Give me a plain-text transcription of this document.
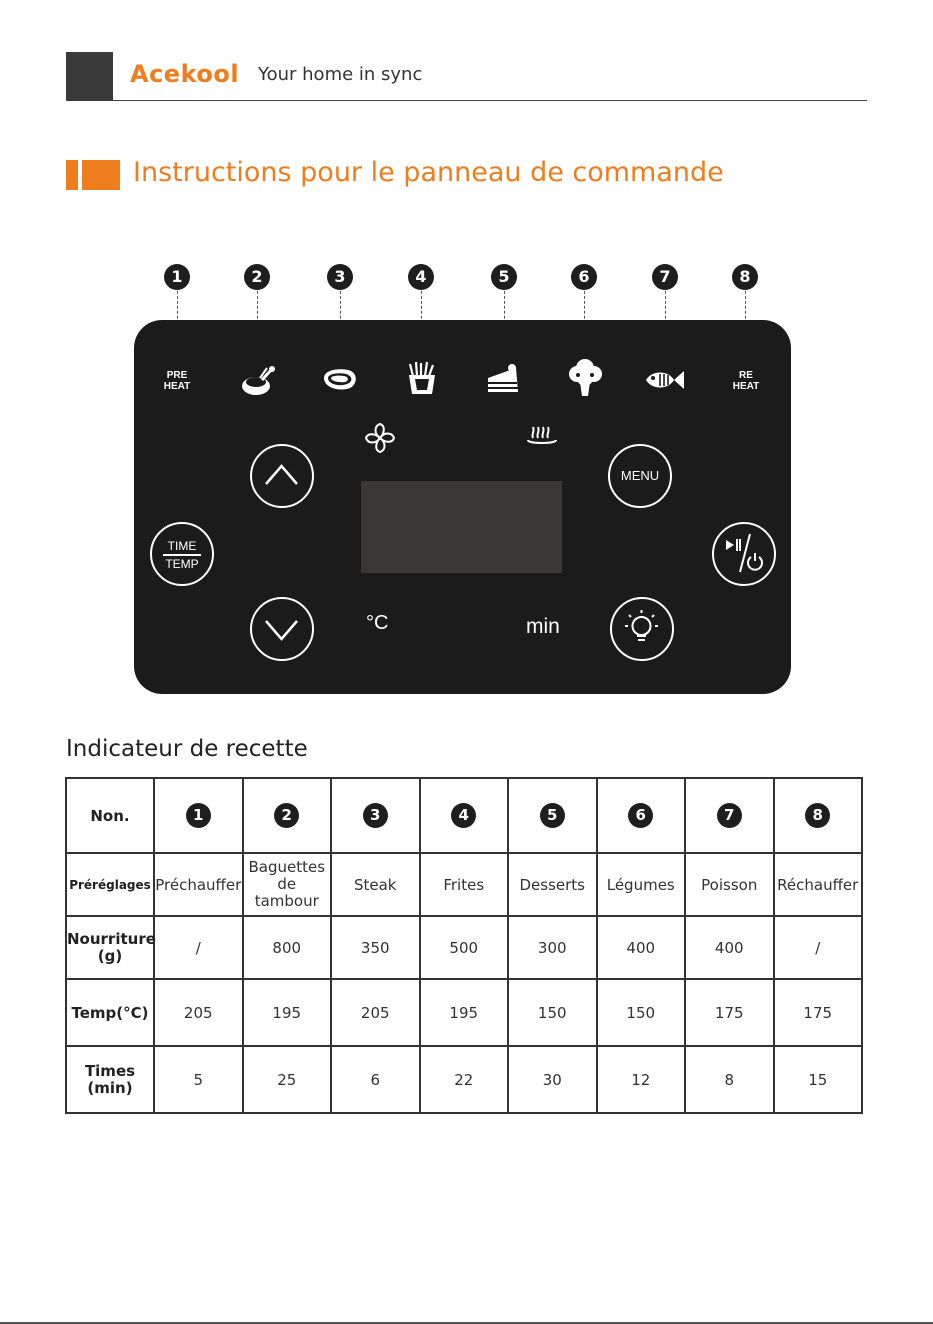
Acekool Your home in sync
Instructions pour le panneau de commande
1	2	3	4	5	6	7	8
PRE
HEAT
RE
HEAT
TIME
TEMP
°C	min
MENU
Indicateur de recette
Non.	1	2	3	4	5	6	7	8
Préréglages	Préchauffer	Baguettes de tambour	Steak	Frites	Desserts	Légumes	Poisson	Réchauffer
Nourriture (g)	/	800	350	500	300	400	400	/
Temp(°C)	205	195	205	195	150	150	175	175
Times (min)	5	25	6	22	30	12	8	15
